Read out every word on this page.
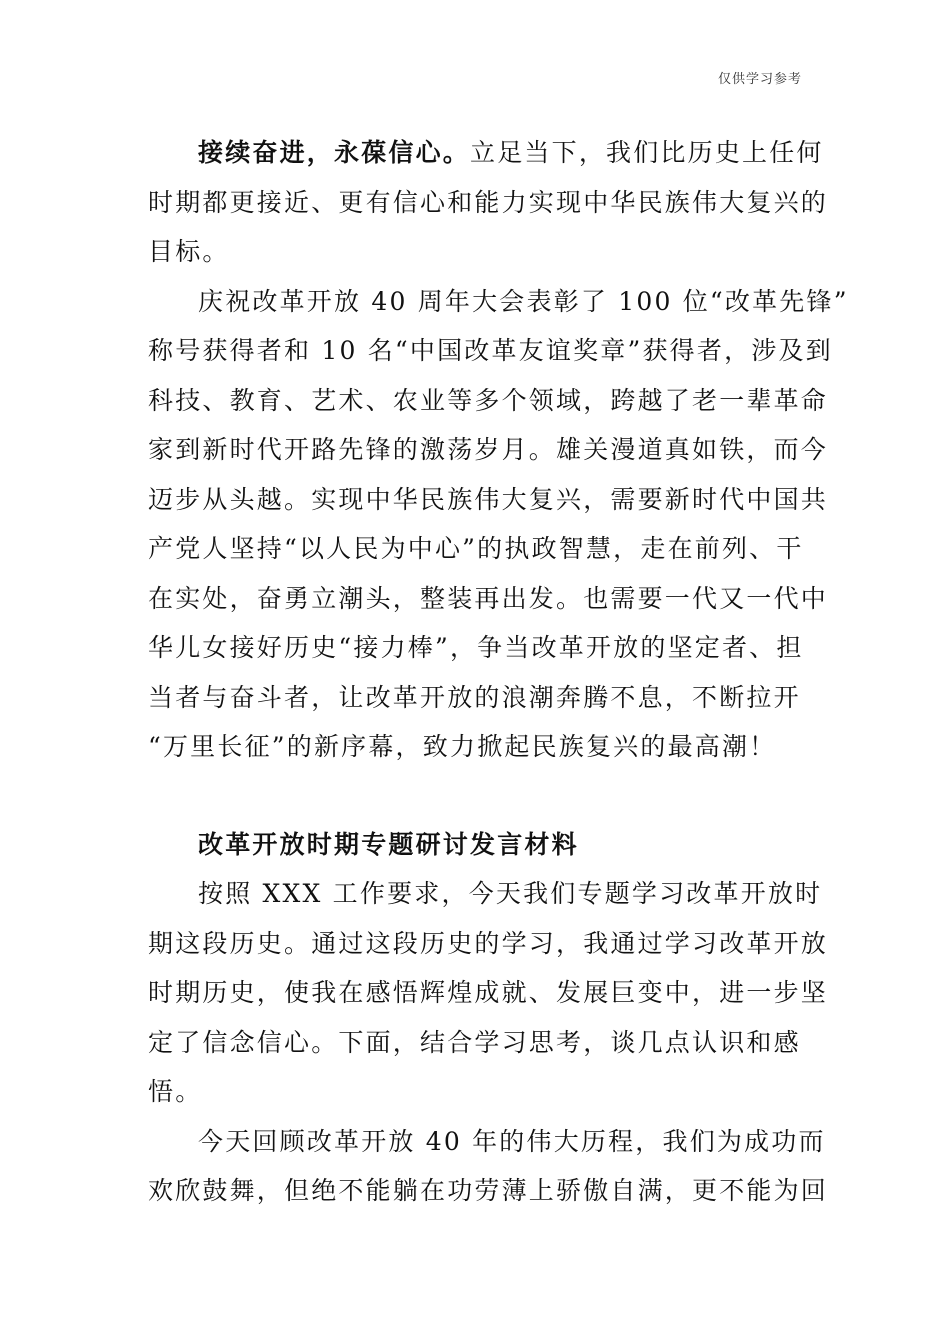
仅供学习参考

接续奋进，永葆信心。立足当下，我们比历史上任何
时期都更接近、更有信心和能力实现中华民族伟大复兴的
目标。

庆祝改革开放 40 周年大会表彰了 100 位“改革先锋”
称号获得者和 10 名“中国改革友谊奖章”获得者，涉及到
科技、教育、艺术、农业等多个领域，跨越了老一辈革命
家到新时代开路先锋的激荡岁月。雄关漫道真如铁，而今
迈步从头越。实现中华民族伟大复兴，需要新时代中国共
产党人坚持“以人民为中心”的执政智慧，走在前列、干
在实处，奋勇立潮头，整装再出发。也需要一代又一代中
华儿女接好历史“接力棒”，争当改革开放的坚定者、担
当者与奋斗者，让改革开放的浪潮奔腾不息，不断拉开
“万里长征”的新序幕，致力掀起民族复兴的最高潮！

改革开放时期专题研讨发言材料

按照 XXX 工作要求，今天我们专题学习改革开放时
期这段历史。通过这段历史的学习，我通过学习改革开放
时期历史，使我在感悟辉煌成就、发展巨变中，进一步坚
定了信念信心。下面，结合学习思考，谈几点认识和感
悟。

今天回顾改革开放 40 年的伟大历程，我们为成功而
欢欣鼓舞，但绝不能躺在功劳薄上骄傲自满，更不能为回
